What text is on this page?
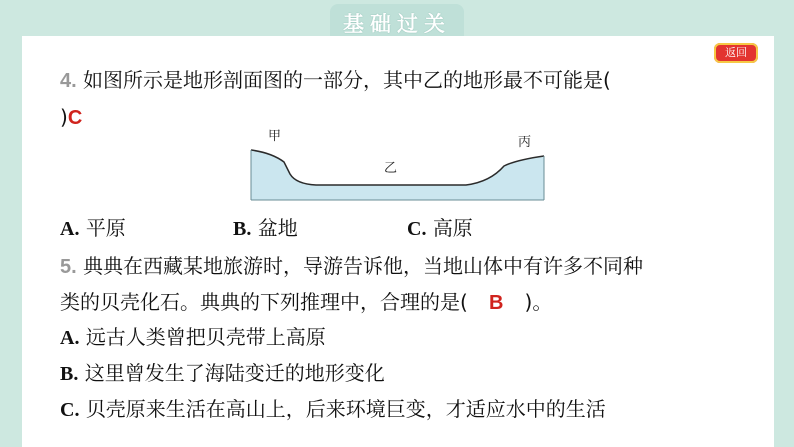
基础过关
返回
4. 如图所示是地形剖面图的一部分，其中乙的地形最不可能是(
)C
甲
乙
丙
A. 平原	B. 盆地	C. 高原
5. 典典在西藏某地旅游时，导游告诉他，当地山体中有许多不同种
类的贝壳化石。典典的下列推理中，合理的是( B )。
A. 远古人类曾把贝壳带上高原
B. 这里曾发生了海陆变迁的地形变化
C. 贝壳原来生活在高山上，后来环境巨变，才适应水中的生活
